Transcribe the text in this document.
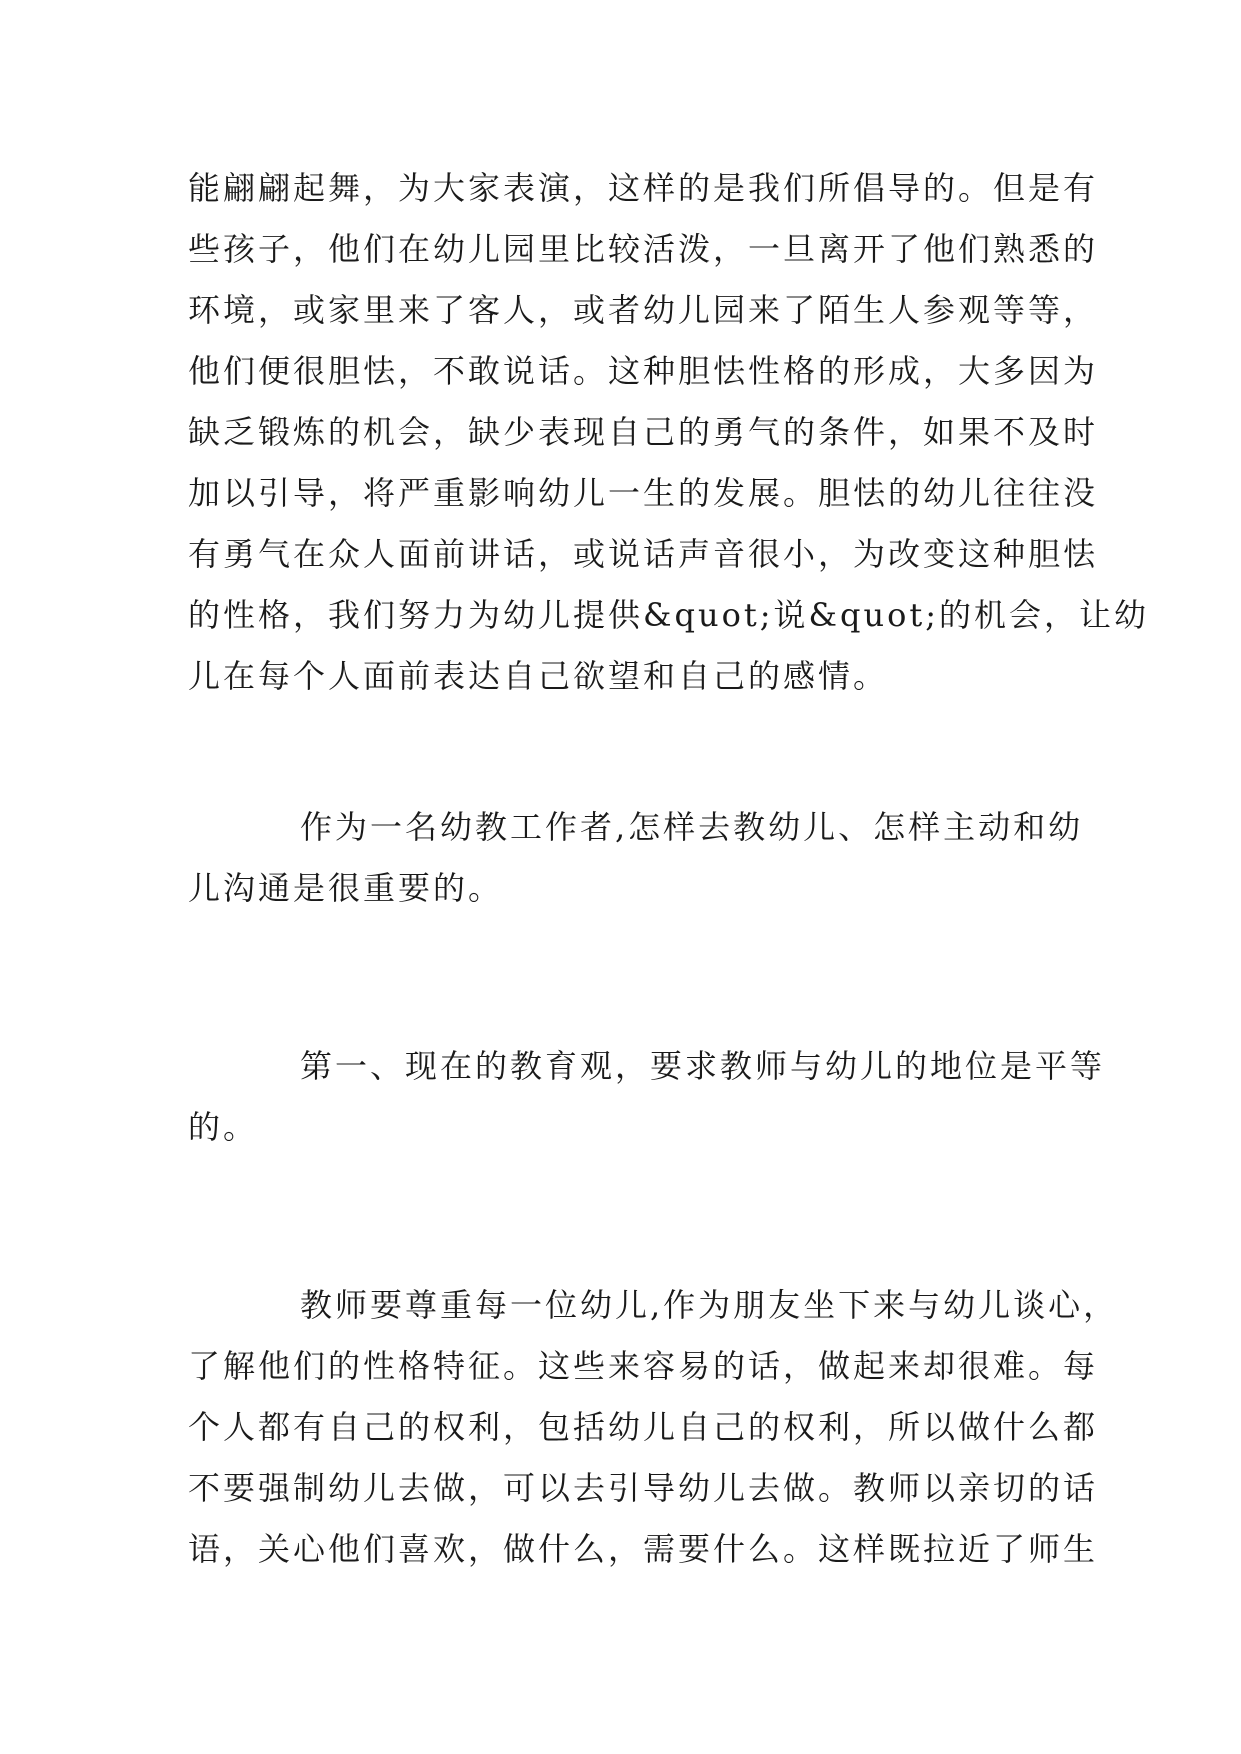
能翩翩起舞，为大家表演，这样的是我们所倡导的。但是有
些孩子，他们在幼儿园里比较活泼，一旦离开了他们熟悉的
环境，或家里来了客人，或者幼儿园来了陌生人参观等等，
他们便很胆怯，不敢说话。这种胆怯性格的形成，大多因为
缺乏锻炼的机会，缺少表现自己的勇气的条件，如果不及时
加以引导，将严重影响幼儿一生的发展。胆怯的幼儿往往没
有勇气在众人面前讲话，或说话声音很小，为改变这种胆怯
的性格，我们努力为幼儿提供&quot;说&quot;的机会，让幼
儿在每个人面前表达自己欲望和自己的感情。
作为一名幼教工作者,怎样去教幼儿、怎样主动和幼
儿沟通是很重要的。
第一、现在的教育观，要求教师与幼儿的地位是平等
的。
教师要尊重每一位幼儿,作为朋友坐下来与幼儿谈心，
了解他们的性格特征。这些来容易的话，做起来却很难。每
个人都有自己的权利，包括幼儿自己的权利，所以做什么都
不要强制幼儿去做，可以去引导幼儿去做。教师以亲切的话
语，关心他们喜欢，做什么，需要什么。这样既拉近了师生
